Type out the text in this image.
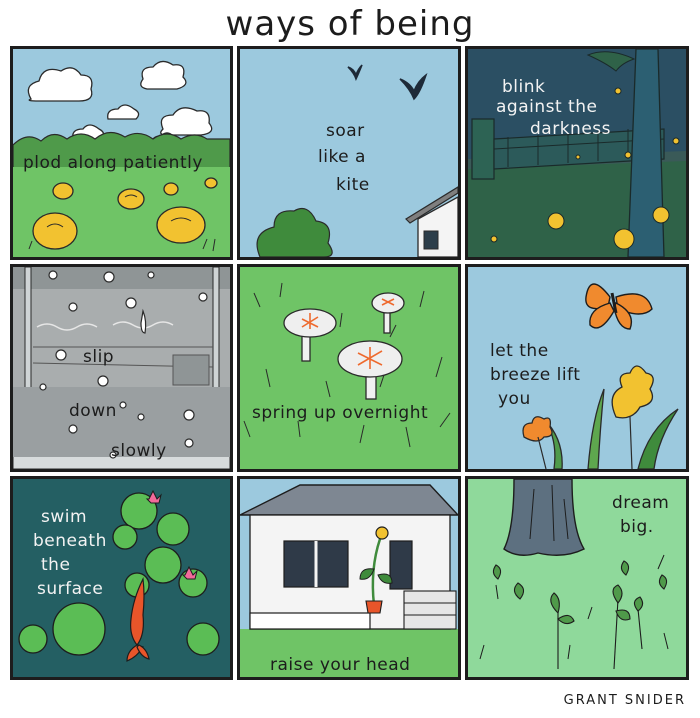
ways of being
plod along patiently
soar
like a
kite
blink
against the
darkness
slip
down
slowly
spring up overnight
let the
breeze lift
you
swim
beneath
the
surface
raise your head
dream
big.
GRANT SNIDER
